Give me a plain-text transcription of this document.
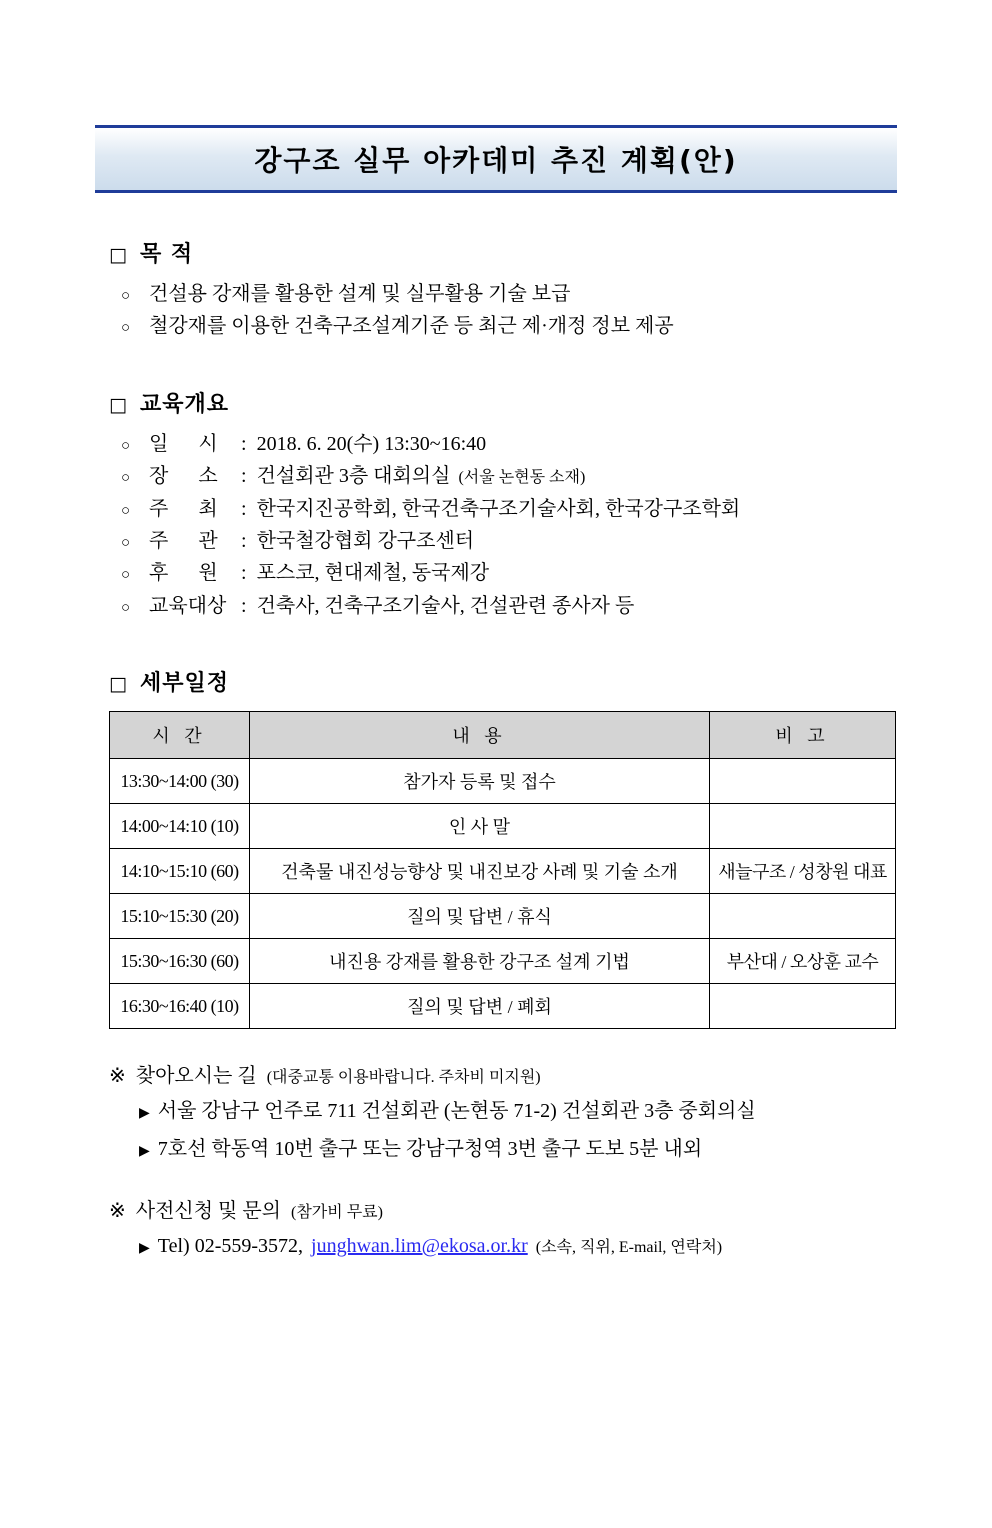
강구조 실무 아카데미 추진 계획(안)
□ 목 적
○ 건설용 강재를 활용한 설계 및 실무활용 기술 보급
○ 철강재를 이용한 건축구조설계기준 등 최근 제·개정 정보 제공
□ 교육개요
○ 일      시	: 2018. 6. 20(수) 13:30~16:40
○ 장      소	: 건설회관 3층 대회의실 (서울 논현동 소재)
○ 주      최	: 한국지진공학회, 한국건축구조기술사회, 한국강구조학회
○ 주      관	: 한국철강협회 강구조센터
○ 후      원	: 포스코, 현대제철, 동국제강
○ 교육대상 : 건축사, 건축구조기술사, 건설관련 종사자 등
□ 세부일정
시 간	내 용	비 고
13:30~14:00 (30)	참가자 등록 및 접수	
14:00~14:10 (10)	인 사 말	
14:10~15:10 (60)	건축물 내진성능향상 및 내진보강 사례 및 기술 소개	새늘구조 / 성창원 대표
15:10~15:30 (20)	질의 및 답변 / 휴식	
15:30~16:30 (60)	내진용 강재를 활용한 강구조 설계 기법	부산대 / 오상훈 교수
16:30~16:40 (10)	질의 및 답변 / 폐회	
※ 찾아오시는 길 (대중교통 이용바랍니다. 주차비 미지원)
▶ 서울 강남구 언주로 711 건설회관 (논현동 71-2) 건설회관 3층 중회의실
▶ 7호선 학동역 10번 출구 또는 강남구청역 3번 출구 도보 5분 내외
※ 사전신청 및 문의 (참가비 무료)
▶ Tel) 02-559-3572, junghwan.lim@ekosa.or.kr (소속, 직위, E-mail, 연락처)
